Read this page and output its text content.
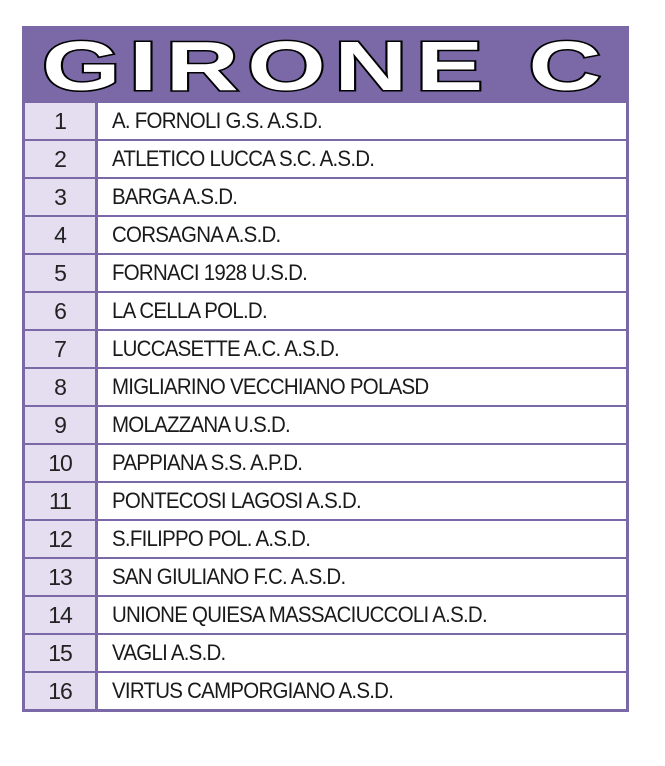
GIRONE C
1	A. FORNOLI G.S. A.S.D.
2	ATLETICO LUCCA S.C. A.S.D.
3	BARGA A.S.D.
4	CORSAGNA A.S.D.
5	FORNACI 1928 U.S.D.
6	LA CELLA POL.D.
7	LUCCASETTE A.C. A.S.D.
8	MIGLIARINO VECCHIANO POLASD
9	MOLAZZANA U.S.D.
10	PAPPIANA S.S. A.P.D.
11	PONTECOSI LAGOSI A.S.D.
12	S.FILIPPO POL. A.S.D.
13	SAN GIULIANO F.C. A.S.D.
14	UNIONE QUIESA MASSACIUCCOLI A.S.D.
15	VAGLI A.S.D.
16	VIRTUS CAMPORGIANO A.S.D.
